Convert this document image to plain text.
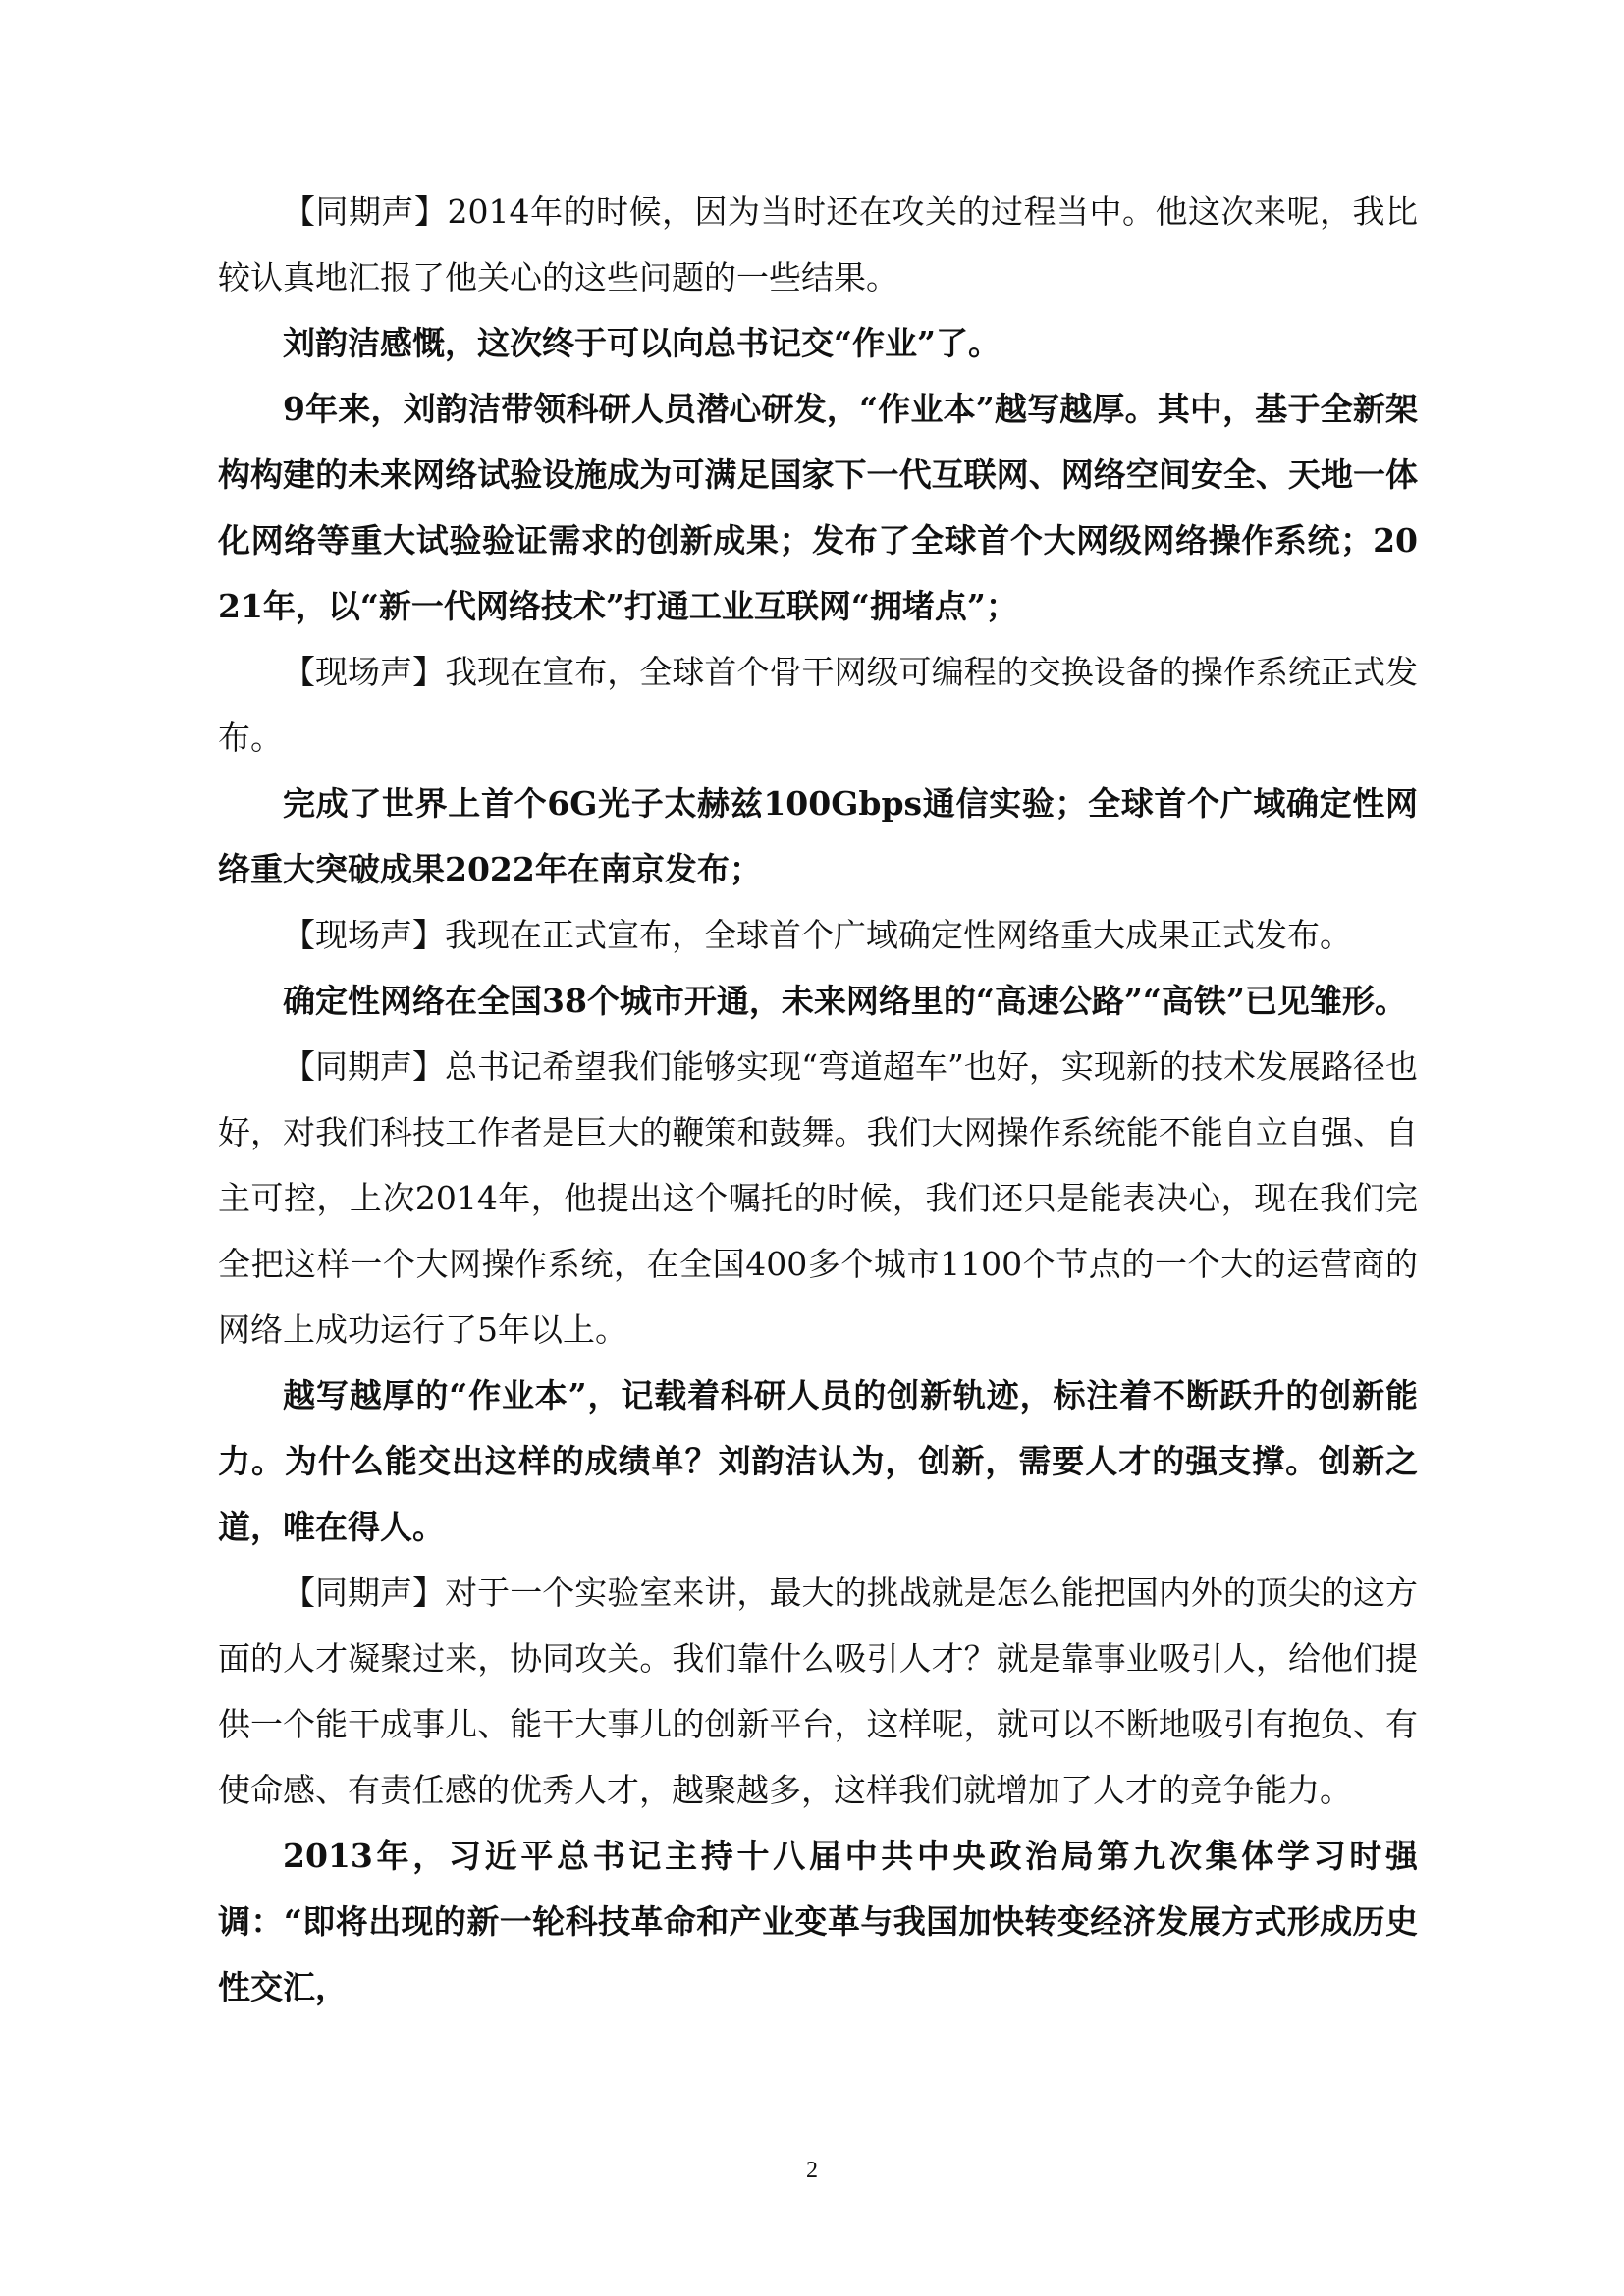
【同期声】2014年的时候，因为当时还在攻关的过程当中。他这次来呢，我比较认真地汇报了他关心的这些问题的一些结果。

刘韵洁感慨，这次终于可以向总书记交“作业”了。

9年来，刘韵洁带领科研人员潜心研发，“作业本”越写越厚。其中，基于全新架构构建的未来网络试验设施成为可满足国家下一代互联网、网络空间安全、天地一体化网络等重大试验验证需求的创新成果；发布了全球首个大网级网络操作系统；2021年，以“新一代网络技术”打通工业互联网“拥堵点”；

【现场声】我现在宣布，全球首个骨干网级可编程的交换设备的操作系统正式发布。

完成了世界上首个6G光子太赫兹100Gbps通信实验；全球首个广域确定性网络重大突破成果2022年在南京发布；

【现场声】我现在正式宣布，全球首个广域确定性网络重大成果正式发布。

确定性网络在全国38个城市开通，未来网络里的“高速公路”“高铁”已见雏形。

【同期声】总书记希望我们能够实现“弯道超车”也好，实现新的技术发展路径也好，对我们科技工作者是巨大的鞭策和鼓舞。我们大网操作系统能不能自立自强、自主可控，上次2014年，他提出这个嘱托的时候，我们还只是能表决心，现在我们完全把这样一个大网操作系统，在全国400多个城市1100个节点的一个大的运营商的网络上成功运行了5年以上。

越写越厚的“作业本”，记载着科研人员的创新轨迹，标注着不断跃升的创新能力。为什么能交出这样的成绩单？刘韵洁认为，创新，需要人才的强支撑。创新之道，唯在得人。

【同期声】对于一个实验室来讲，最大的挑战就是怎么能把国内外的顶尖的这方面的人才凝聚过来，协同攻关。我们靠什么吸引人才？就是靠事业吸引人，给他们提供一个能干成事儿、能干大事儿的创新平台，这样呢，就可以不断地吸引有抱负、有使命感、有责任感的优秀人才，越聚越多，这样我们就增加了人才的竞争能力。

2013年，习近平总书记主持十八届中共中央政治局第九次集体学习时强调：“即将出现的新一轮科技革命和产业变革与我国加快转变经济发展方式形成历史性交汇，

2
